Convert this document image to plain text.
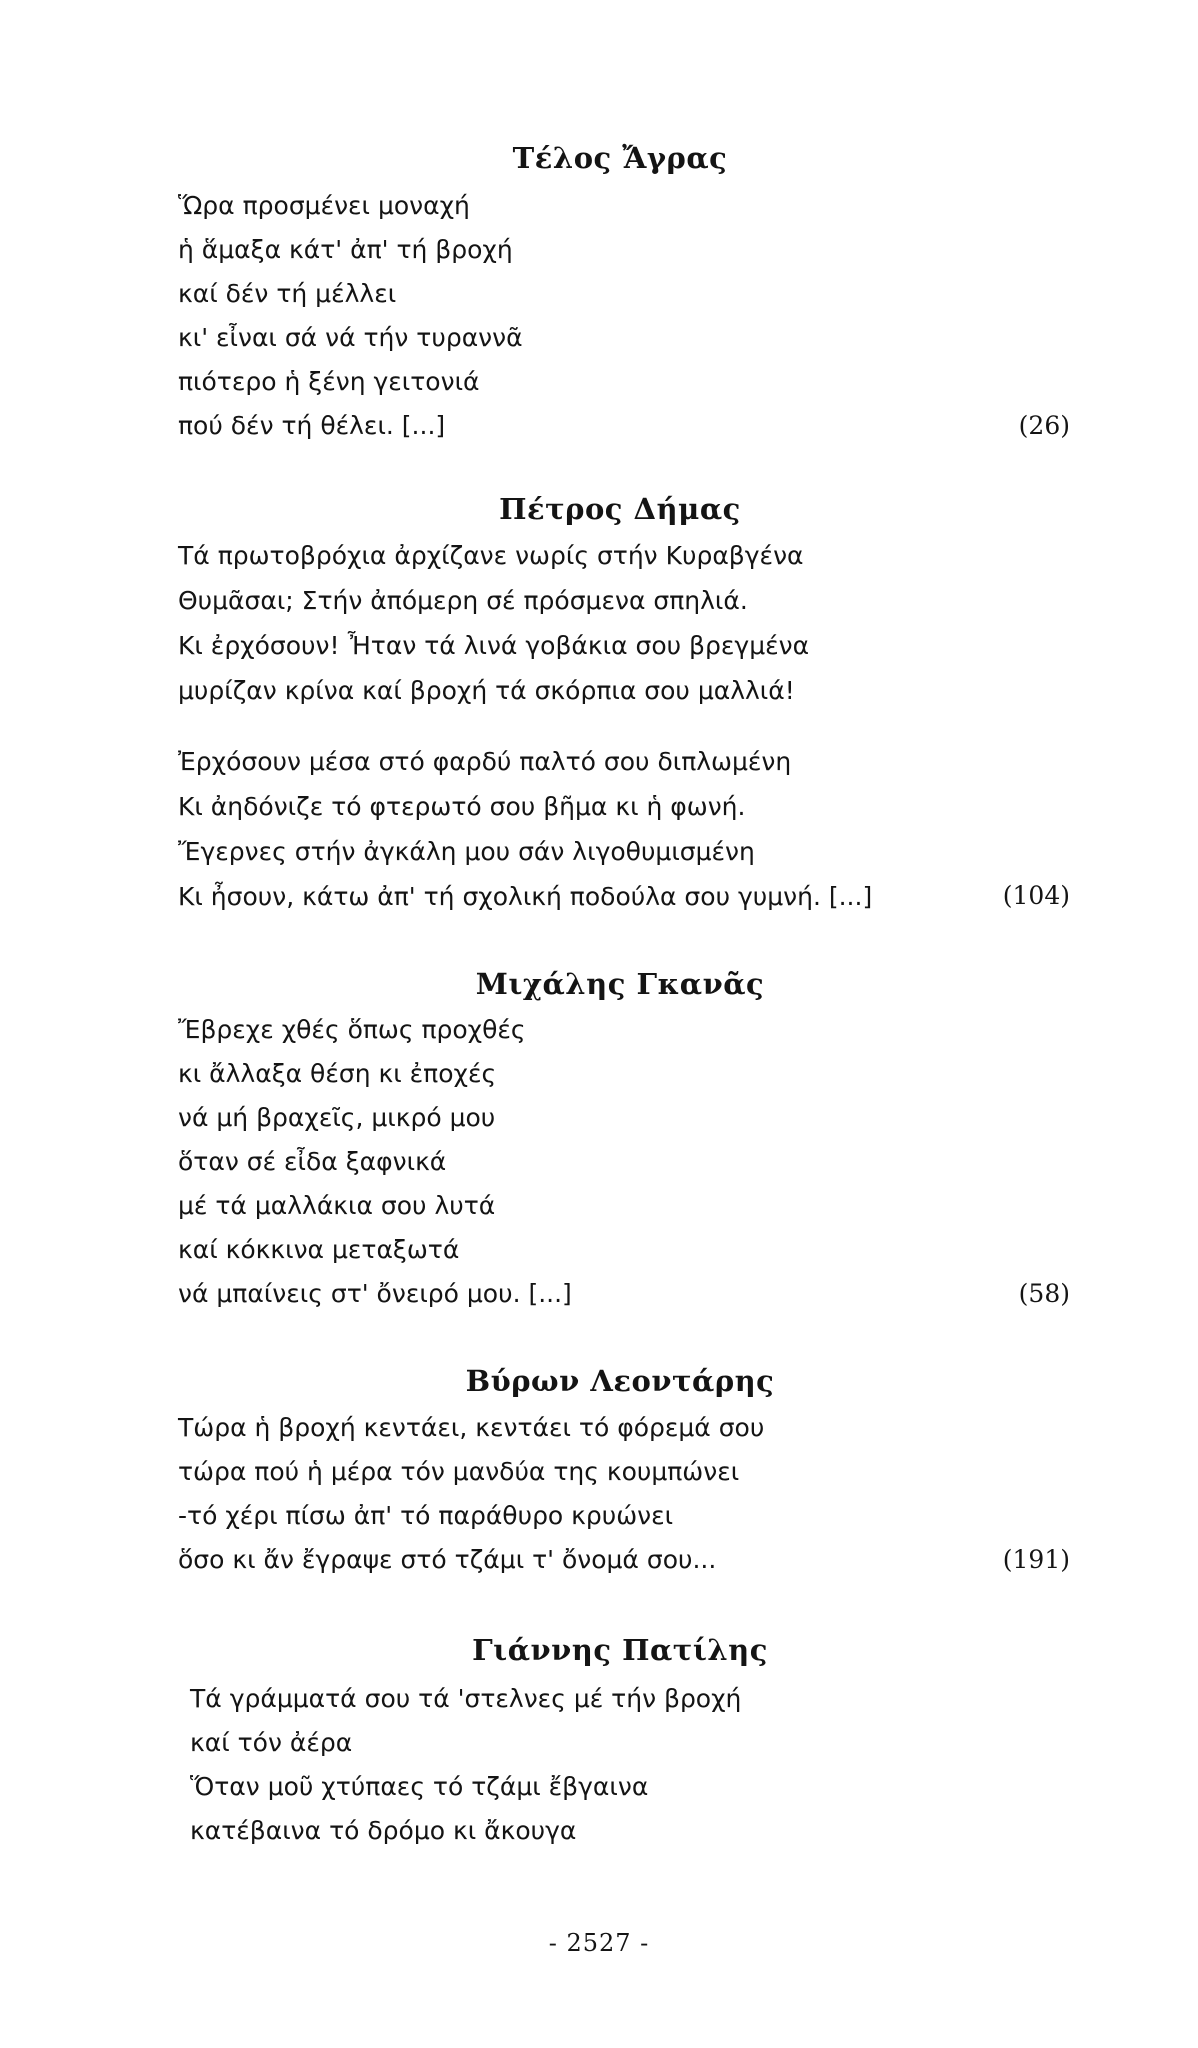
Τέλος Ἄγρας
Ὥρα προσμένει μοναχή
ἡ ἅμαξα κάτ' ἀπ' τή βροχή
καί δέν τή μέλλει
κι' εἶναι σά νά τήν τυραννᾶ
πιότερο ἡ ξένη γειτονιά
πού δέν τή θέλει. [...]	(26)
Πέτρος Δήμας
Τά πρωτοβρόχια ἀρχίζανε νωρίς στήν Κυραβγένα
Θυμᾶσαι; Στήν ἀπόμερη σέ πρόσμενα σπηλιά.
Κι ἐρχόσουν! Ἦταν τά λινά γοβάκια σου βρεγμένα
μυρίζαν κρίνα καί βροχή τά σκόρπια σου μαλλιά!
Ἐρχόσουν μέσα στό φαρδύ παλτό σου διπλωμένη
Κι ἀηδόνιζε τό φτερωτό σου βῆμα κι ἡ φωνή.
Ἔγερνες στήν ἀγκάλη μου σάν λιγοθυμισμένη
Κι ἦσουν, κάτω ἀπ' τή σχολική ποδούλα σου γυμνή. [...]	(104)
Μιχάλης Γκανᾶς
Ἔβρεχε χθές ὅπως προχθές
κι ἄλλαξα θέση κι ἐποχές
νά μή βραχεῖς, μικρό μου
ὅταν σέ εἶδα ξαφνικά
μέ τά μαλλάκια σου λυτά
καί κόκκινα μεταξωτά
νά μπαίνεις στ' ὄνειρό μου. [...]	(58)
Βύρων Λεοντάρης
Τώρα ἡ βροχή κεντάει, κεντάει τό φόρεμά σου
τώρα πού ἡ μέρα τόν μανδύα της κουμπώνει
-τό χέρι πίσω ἀπ' τό παράθυρο κρυώνει
ὅσο κι ἄν ἔγραψε στό τζάμι τ' ὄνομά σου...	(191)
Γιάννης Πατίλης
Τά γράμματά σου τά 'στελνες μέ τήν βροχή
καί τόν ἀέρα
Ὅταν μοῦ χτύπαες τό τζάμι ἔβγαινα
κατέβαινα τό δρόμο κι ἄκουγα
- 2527 -
